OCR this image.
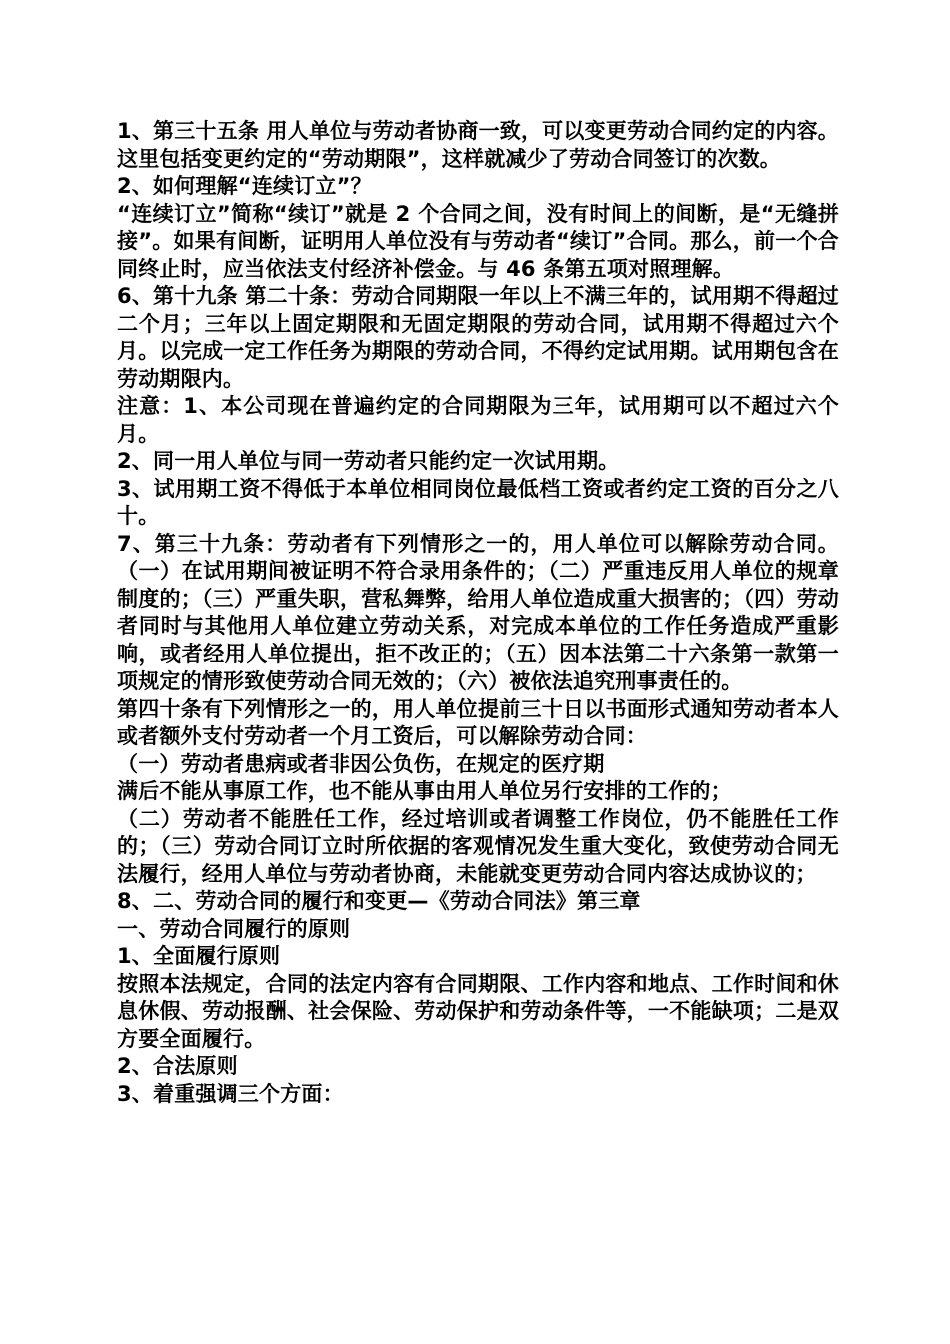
1、第三十五条 用人单位与劳动者协商一致，可以变更劳动合同约定的内容。这里包括变更约定的“劳动期限”，这样就减少了劳动合同签订的次数。

2、如何理解“连续订立”？

“连续订立”简称“续订”就是 2 个合同之间，没有时间上的间断，是“无缝拼接”。如果有间断，证明用人单位没有与劳动者“续订”合同。那么，前一个合同终止时，应当依法支付经济补偿金。与 46 条第五项对照理解。

6、第十九条 第二十条：劳动合同期限一年以上不满三年的，试用期不得超过二个月；三年以上固定期限和无固定期限的劳动合同，试用期不得超过六个月。以完成一定工作任务为期限的劳动合同，不得约定试用期。试用期包含在劳动期限内。

注意：1、本公司现在普遍约定的合同期限为三年，试用期可以不超过六个月。

2、同一用人单位与同一劳动者只能约定一次试用期。

3、试用期工资不得低于本单位相同岗位最低档工资或者约定工资的百分之八十。

7、第三十九条：劳动者有下列情形之一的，用人单位可以解除劳动合同。（一）在试用期间被证明不符合录用条件的；（二）严重违反用人单位的规章制度的；（三）严重失职，营私舞弊，给用人单位造成重大损害的；（四）劳动者同时与其他用人单位建立劳动关系，对完成本单位的工作任务造成严重影响，或者经用人单位提出，拒不改正的；（五）因本法第二十六条第一款第一项规定的情形致使劳动合同无效的；（六）被依法追究刑事责任的。

第四十条有下列情形之一的，用人单位提前三十日以书面形式通知劳动者本人或者额外支付劳动者一个月工资后，可以解除劳动合同：

（一）劳动者患病或者非因公负伤，在规定的医疗期

满后不能从事原工作，也不能从事由用人单位另行安排的工作的；

（二）劳动者不能胜任工作，经过培训或者调整工作岗位，仍不能胜任工作的；（三）劳动合同订立时所依据的客观情况发生重大变化，致使劳动合同无法履行，经用人单位与劳动者协商，未能就变更劳动合同内容达成协议的；

8、二、劳动合同的履行和变更—《劳动合同法》第三章

一、劳动合同履行的原则

1、全面履行原则

按照本法规定，合同的法定内容有合同期限、工作内容和地点、工作时间和休息休假、劳动报酬、社会保险、劳动保护和劳动条件等，一不能缺项；二是双方要全面履行。

2、合法原则

3、着重强调三个方面：
